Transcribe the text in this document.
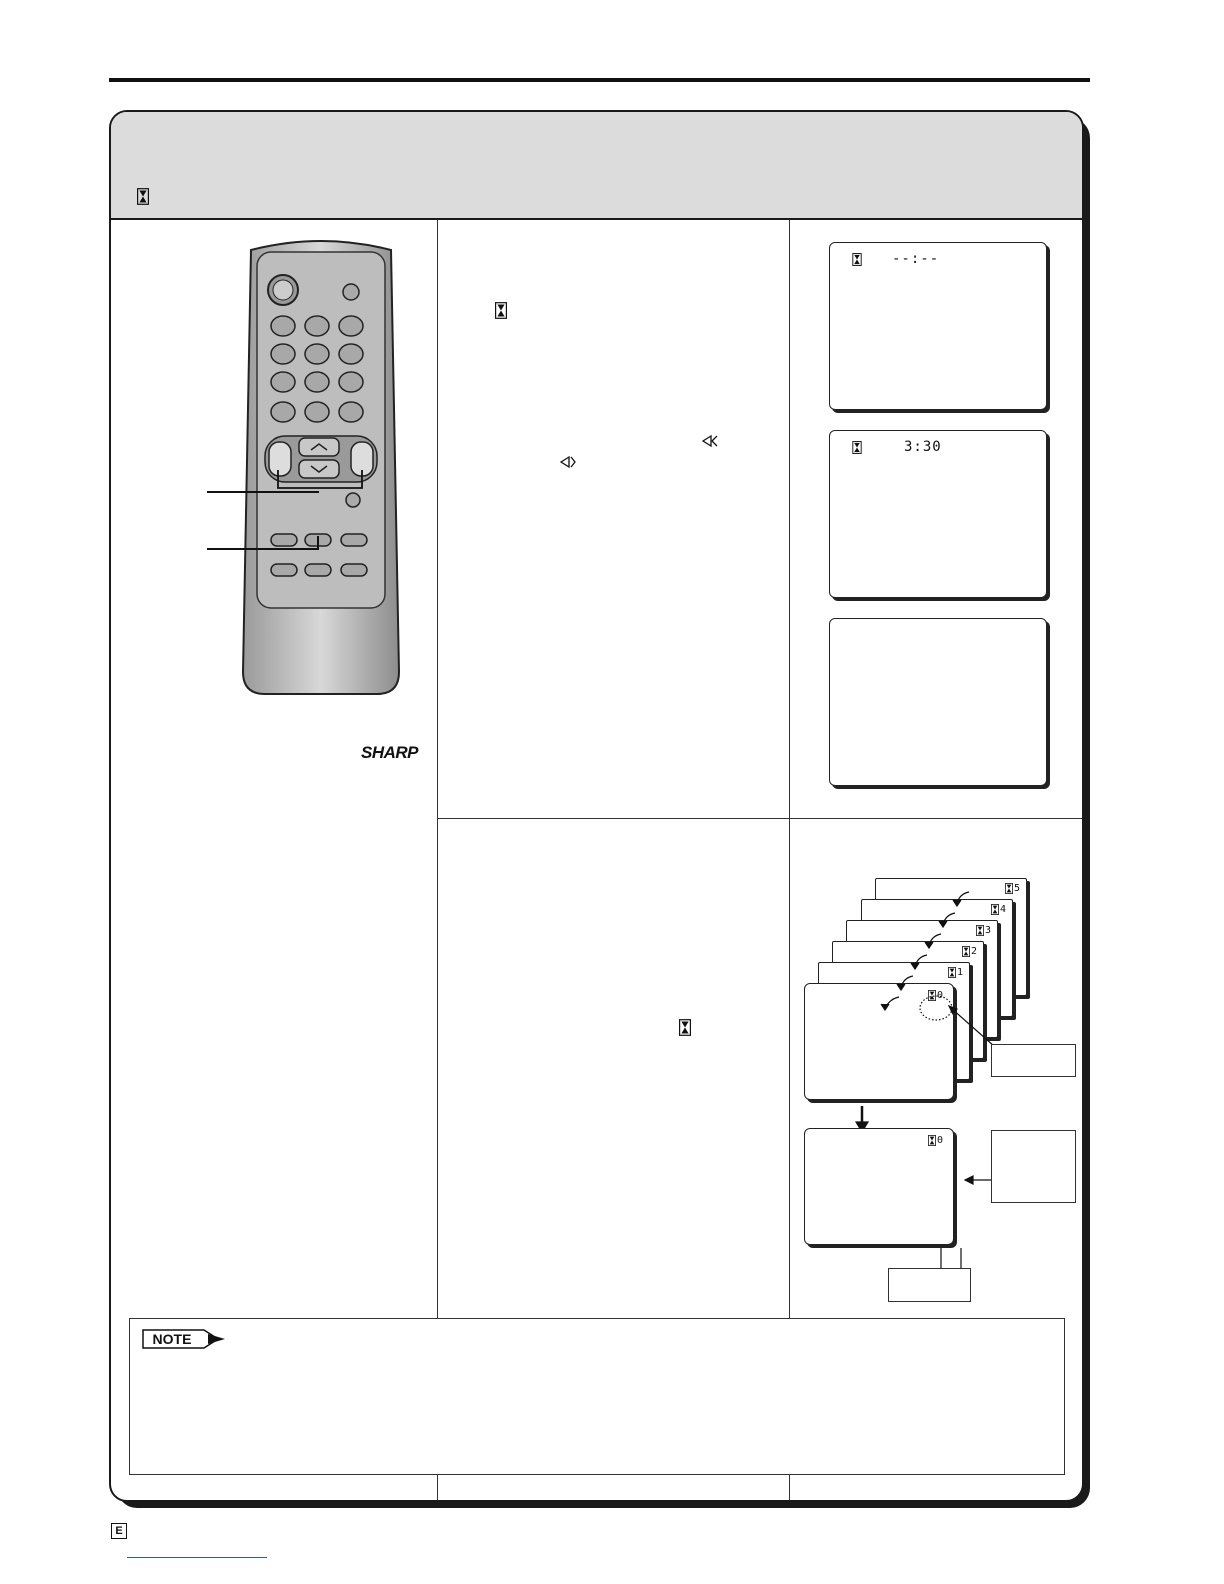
SHARP
--:--
3:30
5
4
3
2
1
0
0
NOTE
E
